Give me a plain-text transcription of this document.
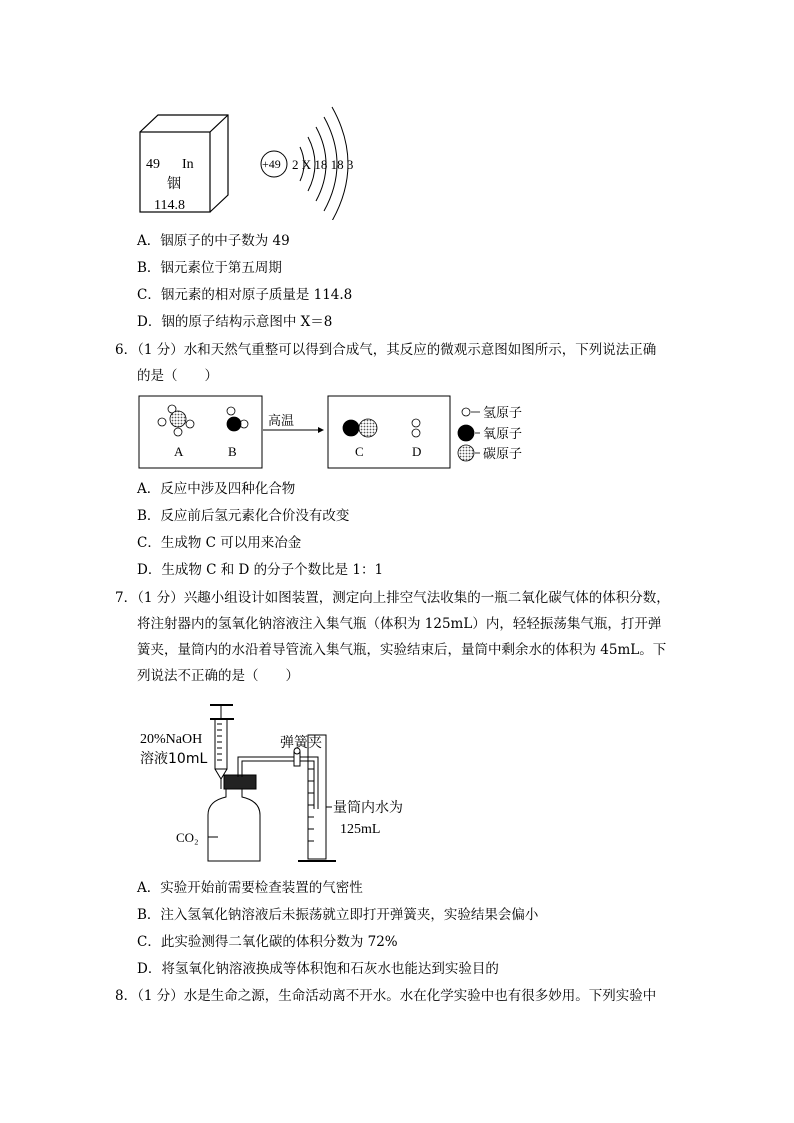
49 In
铟
114.8
+49 2 X 18 18 3
A．铟原子的中子数为 49
B．铟元素位于第五周期
C．铟元素的相对原子质量是 114.8
D．铟的原子结构示意图中 X＝8
6．（1 分）水和天然气重整可以得到合成气，其反应的微观示意图如图所示，下列说法正确
的是（　　）
A	B
高温
C	D
氢原子
氧原子
碳原子
A．反应中涉及四种化合物
B．反应前后氢元素化合价没有改变
C．生成物 C 可以用来冶金
D．生成物 C 和 D 的分子个数比是 1：1
7．（1 分）兴趣小组设计如图装置，测定向上排空气法收集的一瓶二氧化碳气体的体积分数，
将注射器内的氢氧化钠溶液注入集气瓶（体积为 125mL）内，轻轻振荡集气瓶，打开弹
簧夹，量筒内的水沿着导管流入集气瓶，实验结束后，量筒中剩余水的体积为 45mL。下
列说法不正确的是（　　）
20%NaOH
溶液10mL
弹簧夹
CO₂
量筒内水为
125mL
A．实验开始前需要检查装置的气密性
B．注入氢氧化钠溶液后未振荡就立即打开弹簧夹，实验结果会偏小
C．此实验测得二氧化碳的体积分数为 72%
D．将氢氧化钠溶液换成等体积饱和石灰水也能达到实验目的
8．（1 分）水是生命之源，生命活动离不开水。水在化学实验中也有很多妙用。下列实验中
